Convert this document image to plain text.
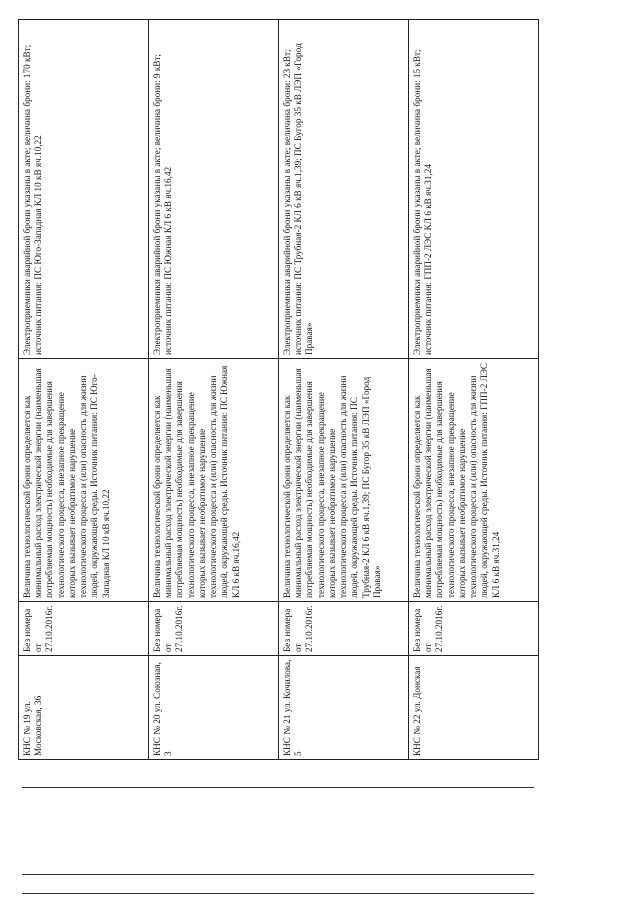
КНС № 19 ул. Московская, 36	Без номера от 27.10.2016г.	Величина технологической брони определяется как минимальный расход электрической энергии (наименьшая потребляемая мощность) необходимые для завершения технологического процесса, внезапное прекращение которых вызывает необратимое нарушение технологического процесса и (или) опасность для жизни людей, окружающей среды. Источник питания: ПС Юго-Западная КЛ 10 кВ яч.10,22	Электроприемники аварийной брони указаны в акте; величина брони: 170 кВт; источник питания: ПС Юго-Западная КЛ 10 кВ яч.10,22
КНС № 20 ул. Союзная, 3	Без номера от 27.10.2016г.	Величина технологической брони определяется как минимальный расход электрической энергии (наименьшая потребляемая мощность) необходимые для завершения технологического процесса, внезапное прекращение которых вызывает необратимое нарушение технологического процесса и (или) опасность для жизни людей, окружающей среды. Источник питания: ПС Южная КЛ 6 кВ яч.16,42	Электроприемники аварийной брони указаны в акте; величина брони: 9 кВт; источник питания: ПС Южная КЛ 6 кВ яч.16,42
КНС № 21 ул. Кочилова, 5	Без номера от 27.10.2016г.	Величина технологической брони определяется как минимальный расход электрической энергии (наименьшая потребляемая мощность) необходимые для завершения технологического процесса, внезапное прекращение которых вызывает необратимое нарушение технологического процесса и (или) опасность для жизни людей, окружающей среды. Источник питания: ПС Трубная-2 КЛ 6 кВ яч.1,39; ПС Бугор 35 кВ ЛЭП «Город Правая»	Электроприемники аварийной брони указаны в акте; величина брони: 23 кВт; источник питания: ПС Трубная-2 КЛ 6 кВ яч.1,39; ПС Бугор 35 кВ ЛЭП «Город Правая»
КНС № 22 ул. Донская	Без номера от 27.10.2016г.	Величина технологической брони определяется как минимальный расход электрической энергии (наименьшая потребляемая мощность) необходимые для завершения технологического процесса, внезапное прекращение которых вызывает необратимое нарушение технологического процесса и (или) опасность для жизни людей, окружающей среды. Источник питания: ГПП-2 ЛЭС КЛ 6 кВ яч.31,24	Электроприемники аварийной брони указаны в акте; величина брони: 15 кВт; источник питания: ГПП-2 ЛЭС КЛ 6 кВ яч.31,24
